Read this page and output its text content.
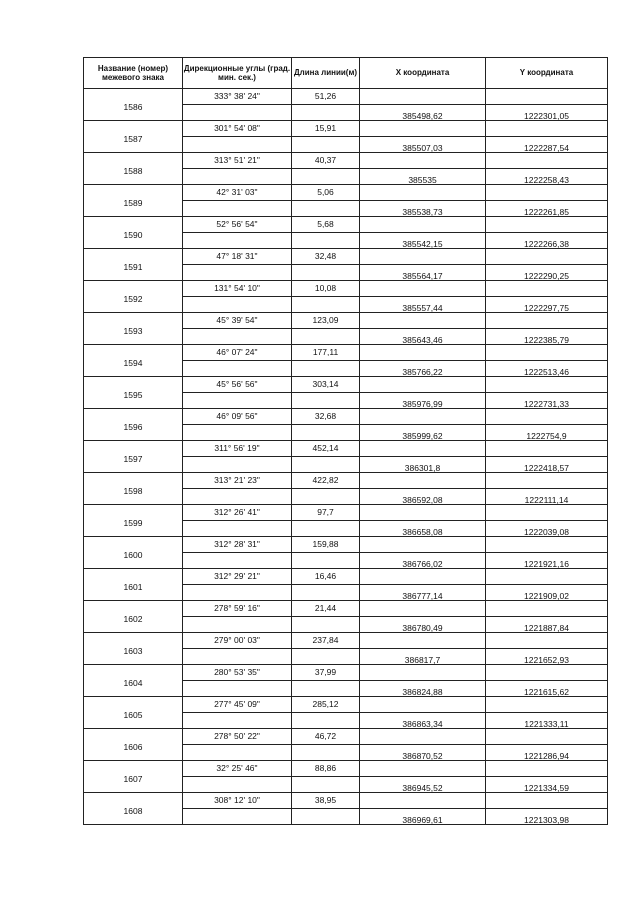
Название (номер) межевого знака	Дирекционные углы (град. мин. сек.)	Длина линии(м)	X координата	Y координата
1586	333° 38' 24"	51,26		
			385498,62	1222301,05
1587	301° 54' 08"	15,91		
			385507,03	1222287,54
1588	313° 51' 21"	40,37		
			385535	1222258,43
1589	42° 31' 03"	5,06		
			385538,73	1222261,85
1590	52° 56' 54"	5,68		
			385542,15	1222266,38
1591	47° 18' 31"	32,48		
			385564,17	1222290,25
1592	131° 54' 10"	10,08		
			385557,44	1222297,75
1593	45° 39' 54"	123,09		
			385643,46	1222385,79
1594	46° 07' 24"	177,11		
			385766,22	1222513,46
1595	45° 56' 56"	303,14		
			385976,99	1222731,33
1596	46° 09' 56"	32,68		
			385999,62	1222754,9
1597	311° 56' 19"	452,14		
			386301,8	1222418,57
1598	313° 21' 23"	422,82		
			386592,08	1222111,14
1599	312° 26' 41"	97,7		
			386658,08	1222039,08
1600	312° 28' 31"	159,88		
			386766,02	1221921,16
1601	312° 29' 21"	16,46		
			386777,14	1221909,02
1602	278° 59' 16"	21,44		
			386780,49	1221887,84
1603	279° 00' 03"	237,84		
			386817,7	1221652,93
1604	280° 53' 35"	37,99		
			386824,88	1221615,62
1605	277° 45' 09"	285,12		
			386863,34	1221333,11
1606	278° 50' 22"	46,72		
			386870,52	1221286,94
1607	32° 25' 46"	88,86		
			386945,52	1221334,59
1608	308° 12' 10"	38,95		
			386969,61	1221303,98
